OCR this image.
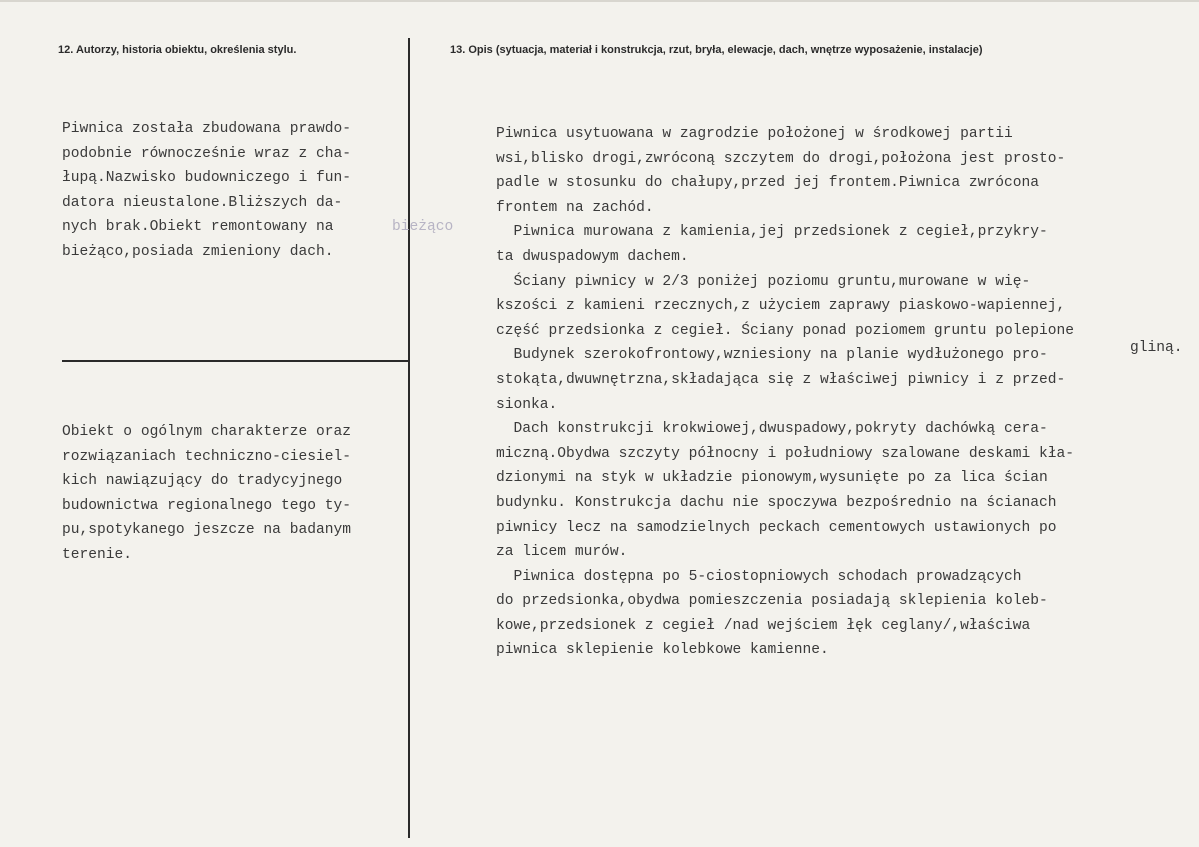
12. Autorzy, historia obiektu, określenia stylu.	13. Opis (sytuacja, materiał i konstrukcja, rzut, bryła, elewacje, dach, wnętrze wyposażenie, instalacje)
Piwnica została zbudowana prawdo-
podobnie równocześnie wraz z cha-
łupą.Nazwisko budowniczego i fun-
datora nieustalone.Bliższych da-
nych brak.Obiekt remontowany na
bieżąco,posiada zmieniony dach.
bieżąco
Obiekt o ogólnym charakterze oraz
rozwiązaniach techniczno-ciesiel-
kich nawiązujący do tradycyjnego
budownictwa regionalnego tego ty-
pu,spotykanego jeszcze na badanym
terenie.
Piwnica usytuowana w zagrodzie położonej w środkowej partii
wsi,blisko drogi,zwróconą szczytem do drogi,położona jest prosto-
padle w stosunku do chałupy,przed jej frontem.Piwnica zwrócona
frontem na zachód.
Piwnica murowana z kamienia,jej przedsionek z cegieł,przykry-
ta dwuspadowym dachem.
Ściany piwnicy w 2/3 poniżej poziomu gruntu,murowane w wię-
kszości z kamieni rzecznych,z użyciem zaprawy piaskowo-wapiennej,
część przedsionka z cegieł. Ściany ponad poziomem gruntu polepione
Budynek szerokofrontowy,wzniesiony na planie wydłużonego pro-
stokąta,dwuwnętrzna,składająca się z właściwej piwnicy i z przed-
sionka.
Dach konstrukcji krokwiowej,dwuspadowy,pokryty dachówką cera-
miczną.Obydwa szczyty północny i południowy szalowane deskami kła-
dzionymi na styk w układzie pionowym,wysunięte po za lica ścian
budynku. Konstrukcja dachu nie spoczywa bezpośrednio na ścianach
piwnicy lecz na samodzielnych peckach cementowych ustawionych po
za licem murów.
Piwnica dostępna po 5-ciostopniowych schodach prowadzących
do przedsionka,obydwa pomieszczenia posiadają sklepienia koleb-
kowe,przedsionek z cegieł /nad wejściem łęk ceglany/,właściwa
piwnica sklepienie kolebkowe kamienne.
gliną.
